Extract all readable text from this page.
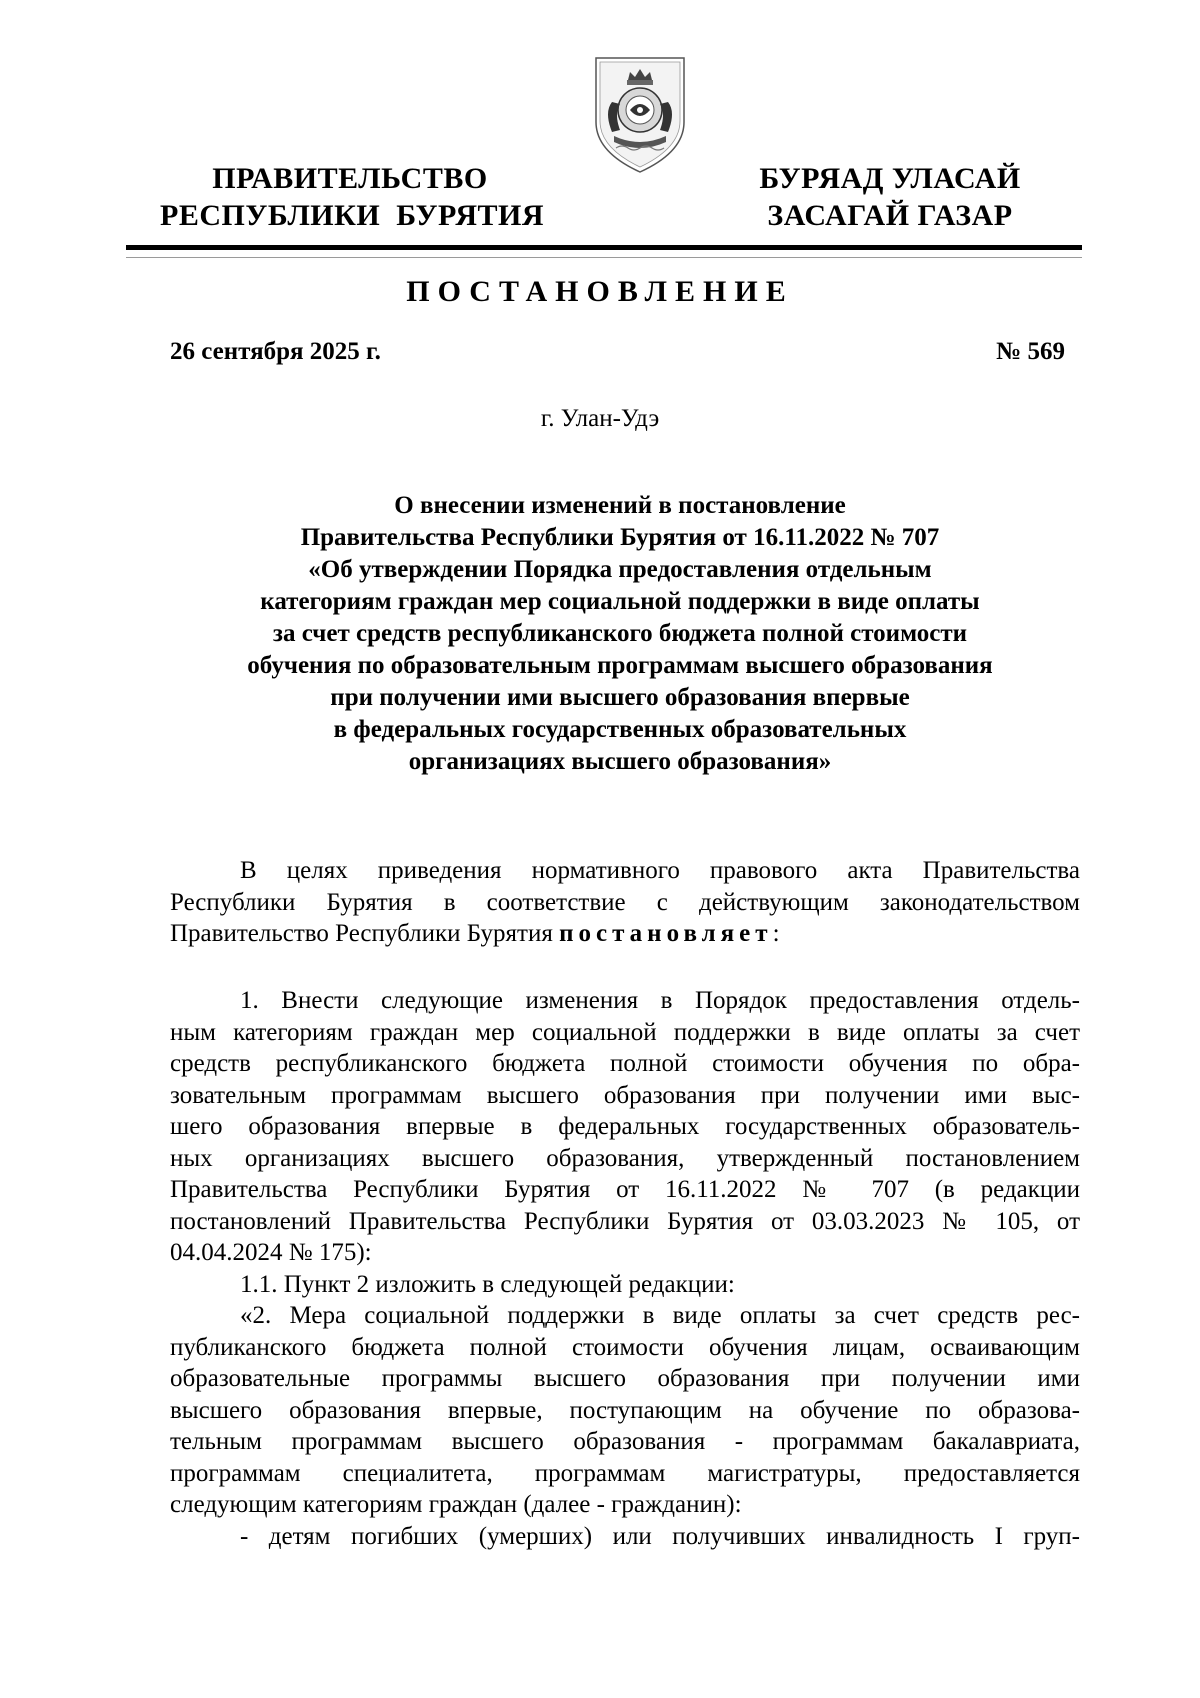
ПРАВИТЕЛЬСТВО
РЕСПУБЛИКИ  БУРЯТИЯ
БУРЯАД УЛАСАЙ
ЗАСАГАЙ ГАЗАР
ПОСТАНОВЛЕНИЕ
26 сентября 2025 г.	№ 569
г. Улан-Удэ
О внесении изменений в постановление
Правительства Республики Бурятия от 16.11.2022 № 707
«Об утверждении Порядка предоставления отдельным
категориям граждан мер социальной поддержки в виде оплаты
за счет средств республиканского бюджета полной стоимости
обучения по образовательным программам высшего образования
при получении ими высшего образования впервые
в федеральных государственных образовательных
организациях высшего образования»
В целях приведения нормативного правового акта Правительства
Республики Бурятия в соответствие с действующим законодательством
Правительство Республики Бурятия постановляет:
1. Внести следующие изменения в Порядок предоставления отдель-
ным категориям граждан мер социальной поддержки в виде оплаты за счет
средств республиканского бюджета полной стоимости обучения по обра-
зовательным программам высшего образования при получении ими выс-
шего образования впервые в федеральных государственных образователь-
ных организациях высшего образования, утвержденный постановлением
Правительства Республики Бурятия от 16.11.2022 № 707 (в редакции
постановлений Правительства Республики Бурятия от 03.03.2023 № 105, от
04.04.2024 № 175):
1.1. Пункт 2 изложить в следующей редакции:
«2. Мера социальной поддержки в виде оплаты за счет средств рес-
публиканского бюджета полной стоимости обучения лицам, осваивающим
образовательные программы высшего образования при получении ими
высшего образования впервые, поступающим на обучение по образова-
тельным программам высшего образования - программам бакалавриата,
программам специалитета, программам магистратуры, предоставляется
следующим категориям граждан (далее - гражданин):
- детям погибших (умерших) или получивших инвалидность I груп-
